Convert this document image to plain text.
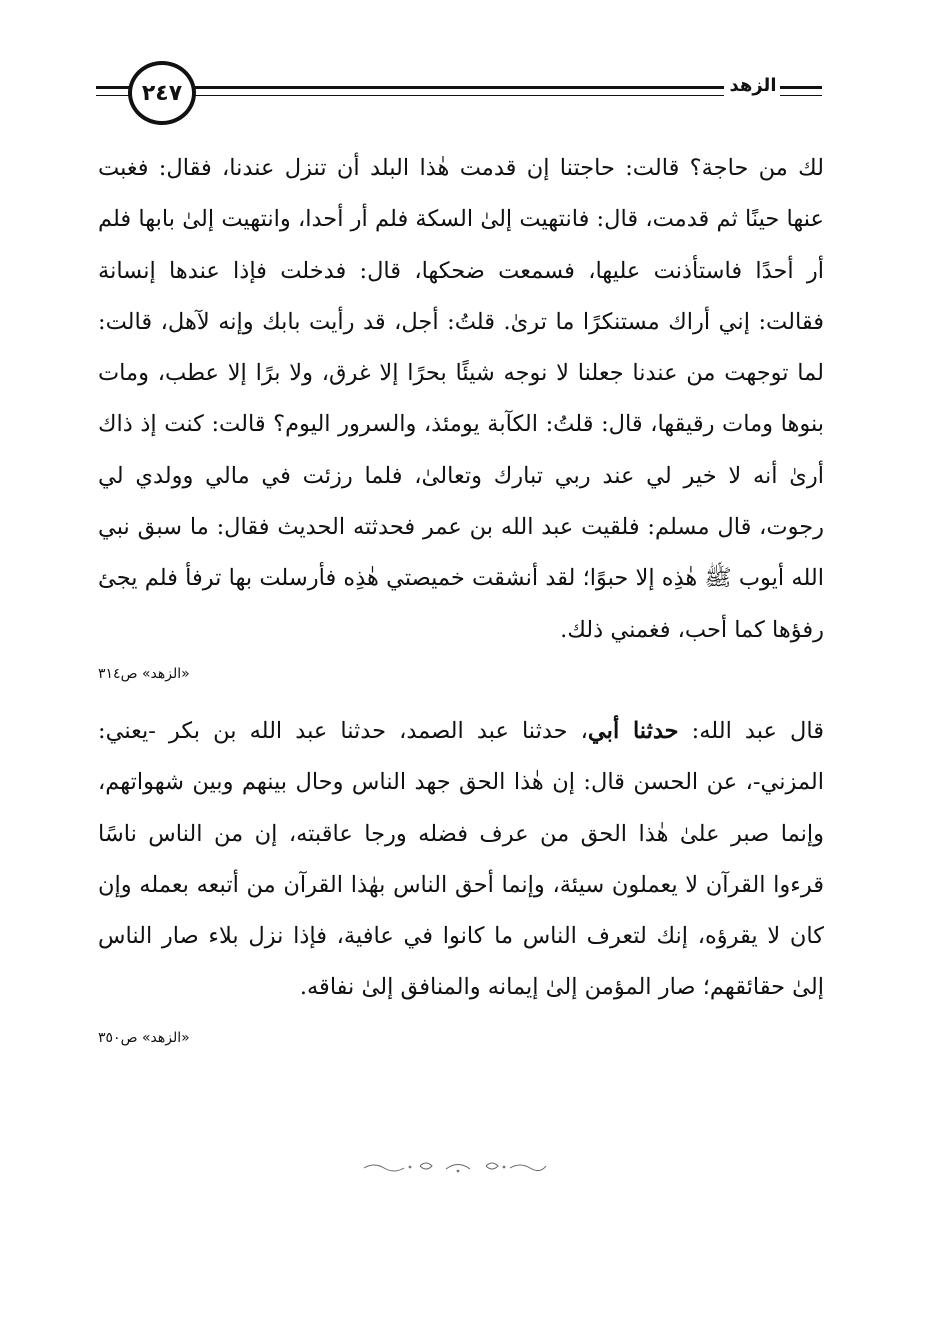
٢٤٧	الزهد

لك من حاجة؟ قالت: حاجتنا إن قدمت هٰذا البلد أن تنزل عندنا، فقال: فغبت عنها حينًا ثم قدمت، قال: فانتهيت إلىٰ السكة فلم أر أحدا، وانتهيت إلىٰ بابها فلم أر أحدًا فاستأذنت عليها، فسمعت ضحكها، قال: فدخلت فإذا عندها إنسانة فقالت: إني أراك مستنكرًا ما ترىٰ. قلتُ: أجل، قد رأيت بابك وإنه لآهل، قالت: لما توجهت من عندنا جعلنا لا نوجه شيئًا بحرًا إلا غرق، ولا برًا إلا عطب، ومات بنوها ومات رقيقها، قال: قلتُ: الكآبة يومئذ، والسرور اليوم؟ قالت: كنت إذ ذاك أرىٰ أنه لا خير لي عند ربي تبارك وتعالىٰ، فلما رزئت في مالي وولدي لي رجوت، قال مسلم: فلقيت عبد الله بن عمر فحدثته الحديث فقال: ما سبق نبي الله أيوب ﷺ هٰذِه إلا حبوًا؛ لقد أنشقت خميصتي هٰذِه فأرسلت بها ترفأ فلم يجئ رفؤها كما أحب، فغمني ذلك.

«الزهد» ص٣١٤

قال عبد الله: حدثنا أبي، حدثنا عبد الصمد، حدثنا عبد الله بن بكر -يعني: المزني-، عن الحسن قال: إن هٰذا الحق جهد الناس وحال بينهم وبين شهواتهم، وإنما صبر علىٰ هٰذا الحق من عرف فضله ورجا عاقبته، إن من الناس ناسًا قرءوا القرآن لا يعملون سيئة، وإنما أحق الناس بهٰذا القرآن من أتبعه بعمله وإن كان لا يقرؤه، إنك لتعرف الناس ما كانوا في عافية، فإذا نزل بلاء صار الناس إلىٰ حقائقهم؛ صار المؤمن إلىٰ إيمانه والمنافق إلىٰ نفاقه.

«الزهد» ص٣٥٠
